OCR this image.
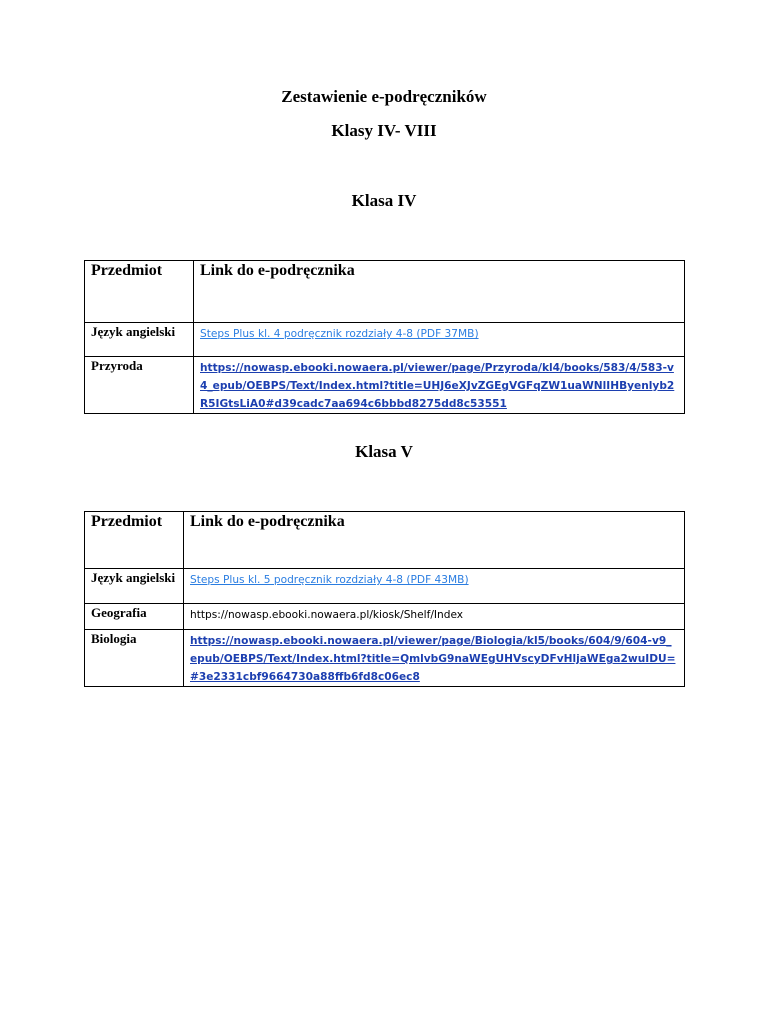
Zestawienie e-podręczników
Klasy IV- VIII
Klasa IV
Przedmiot	Link do e-podręcznika
Język angielski	Steps Plus kl. 4 podręcznik rozdziały 4-8 (PDF 37MB)
Przyroda	https://nowasp.ebooki.nowaera.pl/viewer/page/Przyroda/kl4/books/583/4/583-v4_epub/OEBPS/Text/Index.html?title=UHJ6eXJvZGEgVGFqZW1uaWNlIHByenlyb2R5IGtsLiA0#d39cadc7aa694c6bbbd8275dd8c53551
Klasa V
Przedmiot	Link do e-podręcznika
Język angielski	Steps Plus kl. 5 podręcznik rozdziały 4-8 (PDF 43MB)
Geografia	https://nowasp.ebooki.nowaera.pl/kiosk/Shelf/Index
Biologia	https://nowasp.ebooki.nowaera.pl/viewer/page/Biologia/kl5/books/604/9/604-v9_epub/OEBPS/Text/Index.html?title=QmlvbG9naWEgUHVscyDFvHljaWEga2wuIDU=#3e2331cbf9664730a88ffb6fd8c06ec8
